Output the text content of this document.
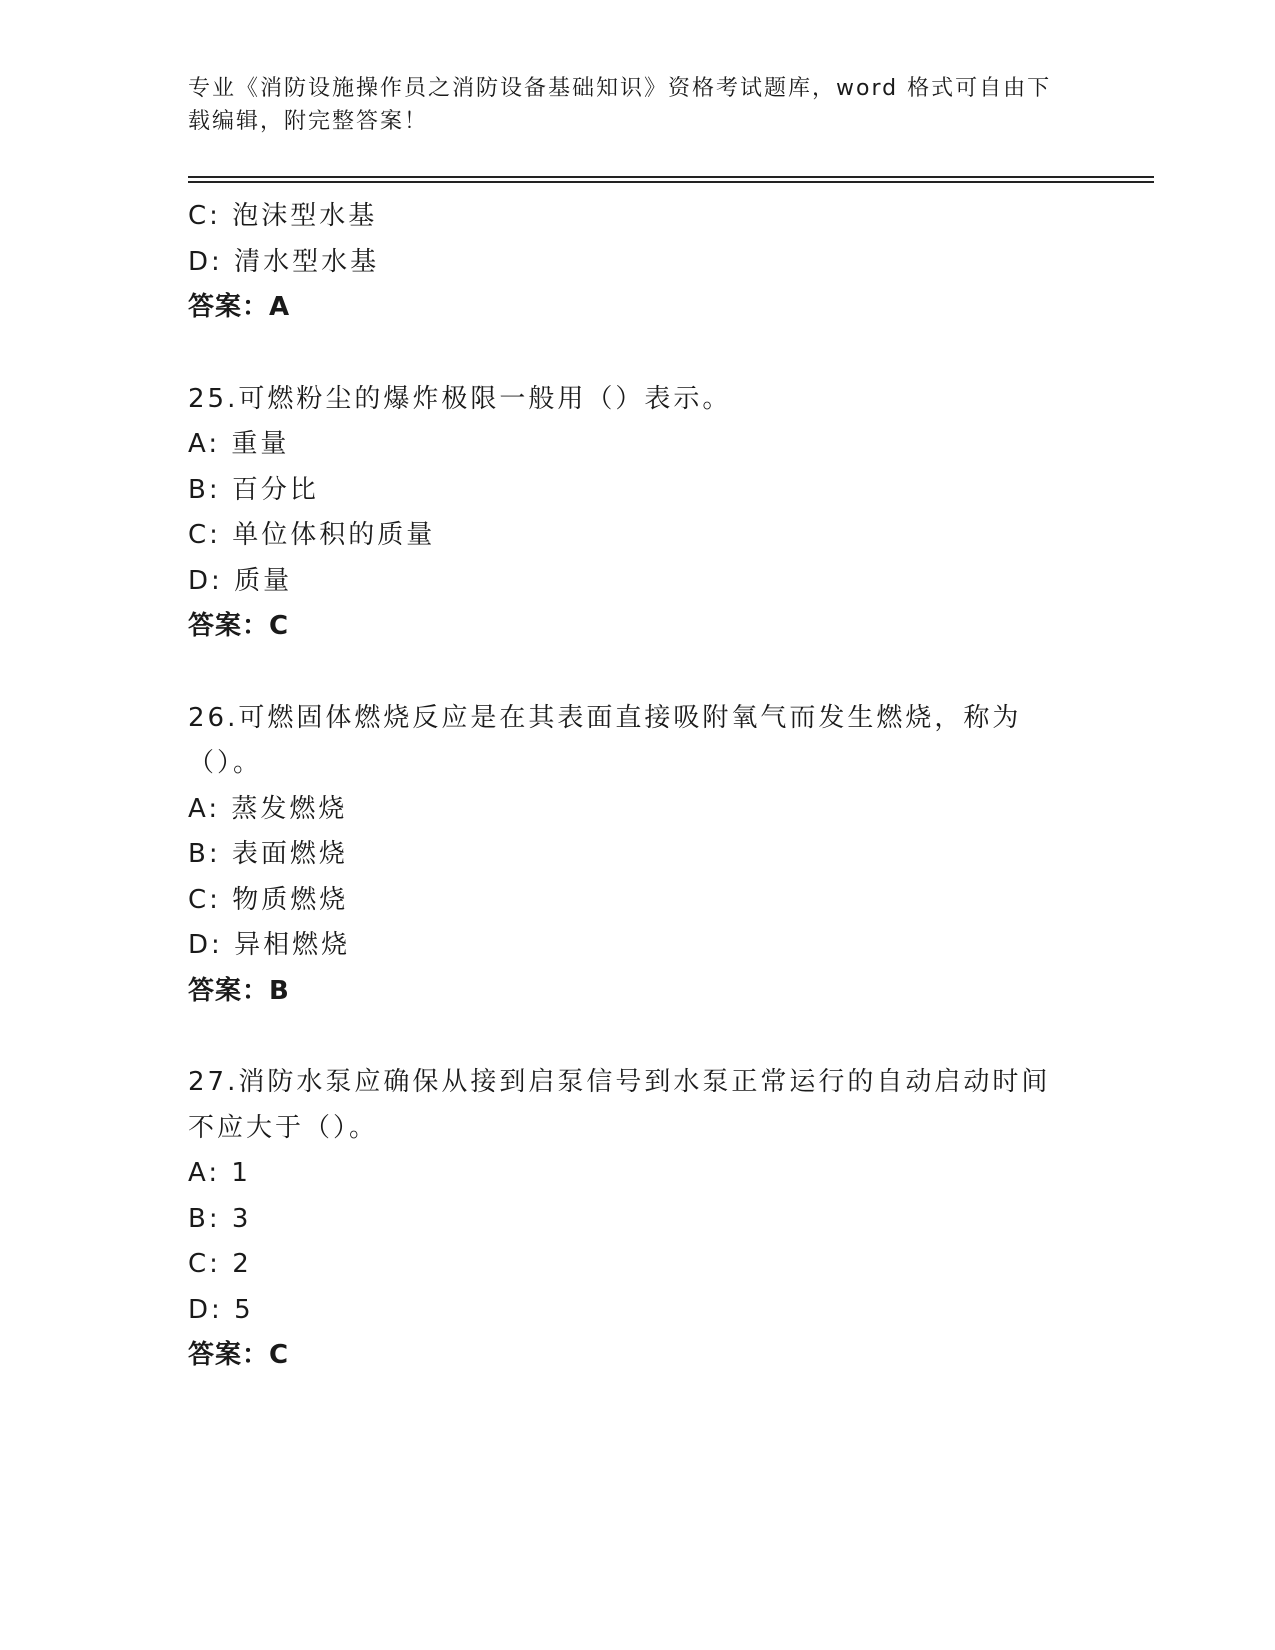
专业《消防设施操作员之消防设备基础知识》资格考试题库，word 格式可自由下载编辑，附完整答案！
C: 泡沫型水基
D: 清水型水基
答案：A
25.可燃粉尘的爆炸极限一般用（）表示。
A: 重量
B: 百分比
C: 单位体积的质量
D: 质量
答案：C
26.可燃固体燃烧反应是在其表面直接吸附氧气而发生燃烧，称为（）。
A: 蒸发燃烧
B: 表面燃烧
C: 物质燃烧
D: 异相燃烧
答案：B
27.消防水泵应确保从接到启泵信号到水泵正常运行的自动启动时间不应大于（）。
A: 1
B: 3
C: 2
D: 5
答案：C
